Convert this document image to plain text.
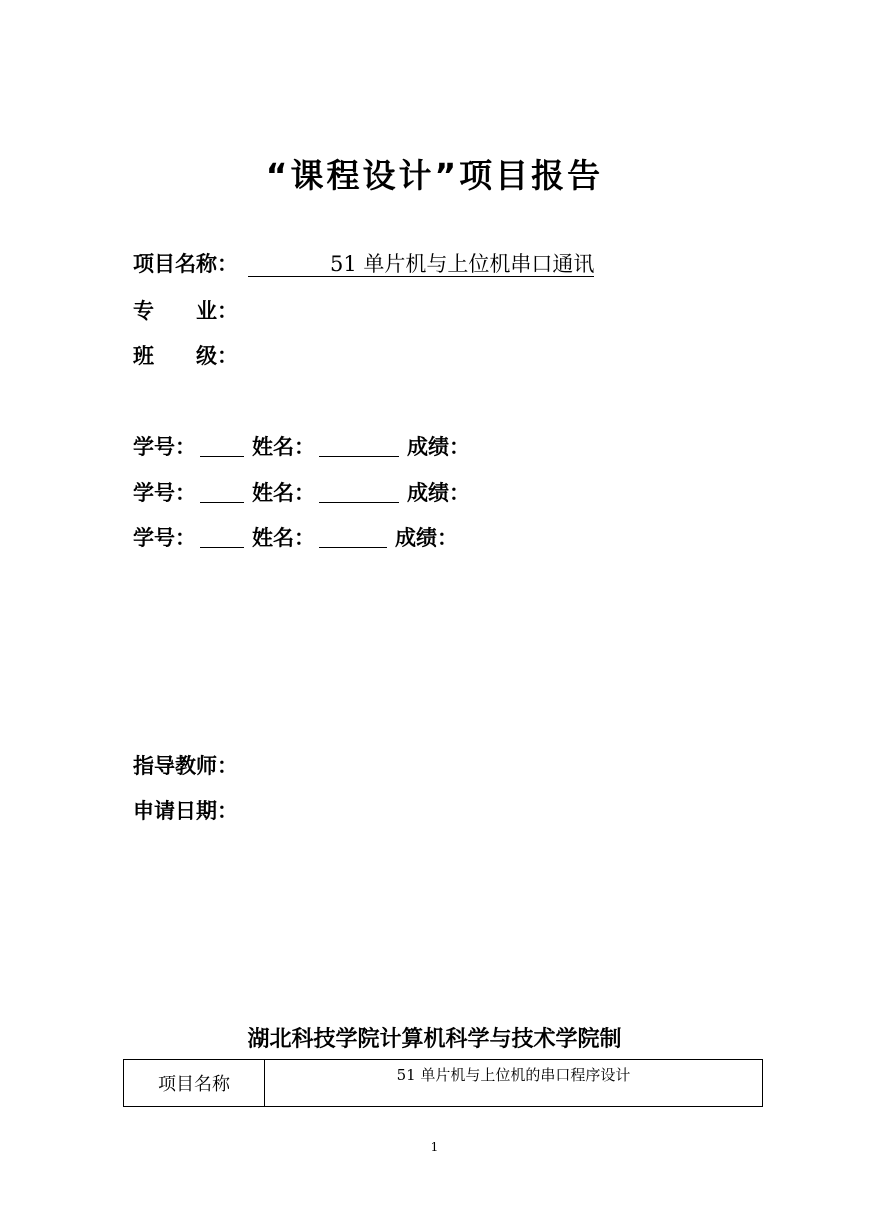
“课程设计”项目报告
项目名称：	51 单片机与上位机串口通讯
专 业：
班 级：
学号：	姓名：	成绩：
学号：	姓名：	成绩：
学号：	姓名：	成绩：
指导教师：
申请日期：
湖北科技学院计算机科学与技术学院制
项目名称	51 单片机与上位机的串口程序设计
1
